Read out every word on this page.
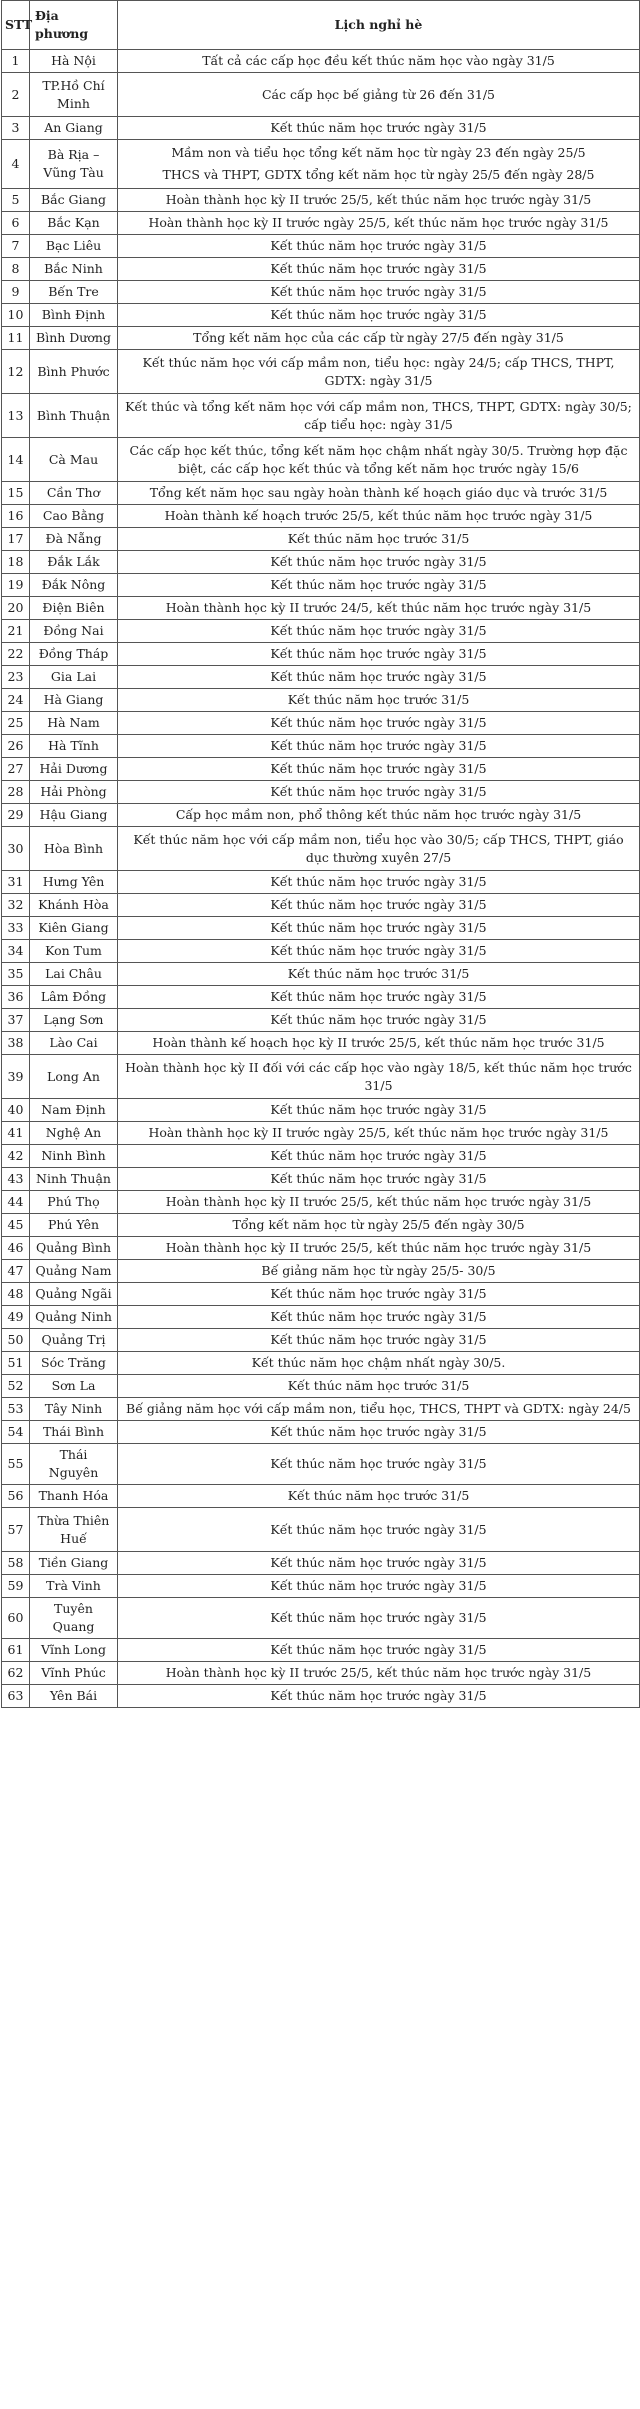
STT	Địa phương	Lịch nghỉ hè
1	Hà Nội	Tất cả các cấp học đều kết thúc năm học vào ngày 31/5
2	TP.Hồ Chí Minh	Các cấp học bế giảng từ 26 đến 31/5
3	An Giang	Kết thúc năm học trước ngày 31/5
4	Bà Rịa – Vũng Tàu	Mầm non và tiểu học tổng kết năm học từ ngày 23 đến ngày 25/5
THCS và THPT, GDTX tổng kết năm học từ ngày 25/5 đến ngày 28/5
5	Bắc Giang	Hoàn thành học kỳ II trước 25/5, kết thúc năm học trước ngày 31/5
6	Bắc Kạn	Hoàn thành học kỳ II trước ngày 25/5, kết thúc năm học trước ngày 31/5
7	Bạc Liêu	Kết thúc năm học trước ngày 31/5
8	Bắc Ninh	Kết thúc năm học trước ngày 31/5
9	Bến Tre	Kết thúc năm học trước ngày 31/5
10	Bình Định	Kết thúc năm học trước ngày 31/5
11	Bình Dương	Tổng kết năm học của các cấp từ ngày 27/5 đến ngày 31/5
12	Bình Phước	Kết thúc năm học với cấp mầm non, tiểu học: ngày 24/5; cấp THCS, THPT, GDTX: ngày 31/5
13	Bình Thuận	Kết thúc và tổng kết năm học với cấp mầm non, THCS, THPT, GDTX: ngày 30/5; cấp tiểu học: ngày 31/5
14	Cà Mau	Các cấp học kết thúc, tổng kết năm học chậm nhất ngày 30/5. Trường hợp đặc biệt, các cấp học kết thúc và tổng kết năm học trước ngày 15/6
15	Cần Thơ	Tổng kết năm học sau ngày hoàn thành kế hoạch giáo dục và trước 31/5
16	Cao Bằng	Hoàn thành kế hoạch trước 25/5, kết thúc năm học trước ngày 31/5
17	Đà Nẵng	Kết thúc năm học trước 31/5
18	Đắk Lắk	Kết thúc năm học trước ngày 31/5
19	Đắk Nông	Kết thúc năm học trước ngày 31/5
20	Điện Biên	Hoàn thành học kỳ II trước 24/5, kết thúc năm học trước ngày 31/5
21	Đồng Nai	Kết thúc năm học trước ngày 31/5
22	Đồng Tháp	Kết thúc năm học trước ngày 31/5
23	Gia Lai	Kết thúc năm học trước ngày 31/5
24	Hà Giang	Kết thúc năm học trước 31/5
25	Hà Nam	Kết thúc năm học trước ngày 31/5
26	Hà Tĩnh	Kết thúc năm học trước ngày 31/5
27	Hải Dương	Kết thúc năm học trước ngày 31/5
28	Hải Phòng	Kết thúc năm học trước ngày 31/5
29	Hậu Giang	Cấp học mầm non, phổ thông kết thúc năm học trước ngày 31/5
30	Hòa Bình	Kết thúc năm học với cấp mầm non, tiểu học vào 30/5; cấp THCS, THPT, giáo dục thường xuyên 27/5
31	Hưng Yên	Kết thúc năm học trước ngày 31/5
32	Khánh Hòa	Kết thúc năm học trước ngày 31/5
33	Kiên Giang	Kết thúc năm học trước ngày 31/5
34	Kon Tum	Kết thúc năm học trước ngày 31/5
35	Lai Châu	Kết thúc năm học trước 31/5
36	Lâm Đồng	Kết thúc năm học trước ngày 31/5
37	Lạng Sơn	Kết thúc năm học trước ngày 31/5
38	Lào Cai	Hoàn thành kế hoạch học kỳ II trước 25/5, kết thúc năm học trước 31/5
39	Long An	Hoàn thành học kỳ II đối với các cấp học vào ngày 18/5, kết thúc năm học trước 31/5
40	Nam Định	Kết thúc năm học trước ngày 31/5
41	Nghệ An	Hoàn thành học kỳ II trước ngày 25/5, kết thúc năm học trước ngày 31/5
42	Ninh Bình	Kết thúc năm học trước ngày 31/5
43	Ninh Thuận	Kết thúc năm học trước ngày 31/5
44	Phú Thọ	Hoàn thành học kỳ II trước 25/5, kết thúc năm học trước ngày 31/5
45	Phú Yên	Tổng kết năm học từ ngày 25/5 đến ngày 30/5
46	Quảng Bình	Hoàn thành học kỳ II trước 25/5, kết thúc năm học trước ngày 31/5
47	Quảng Nam	Bế giảng năm học từ ngày 25/5- 30/5
48	Quảng Ngãi	Kết thúc năm học trước ngày 31/5
49	Quảng Ninh	Kết thúc năm học trước ngày 31/5
50	Quảng Trị	Kết thúc năm học trước ngày 31/5
51	Sóc Trăng	Kết thúc năm học chậm nhất ngày 30/5.
52	Sơn La	Kết thúc năm học trước 31/5
53	Tây Ninh	Bế giảng năm học với cấp mầm non, tiểu học, THCS, THPT và GDTX: ngày 24/5
54	Thái Bình	Kết thúc năm học trước ngày 31/5
55	Thái Nguyên	Kết thúc năm học trước ngày 31/5
56	Thanh Hóa	Kết thúc năm học trước 31/5
57	Thừa Thiên Huế	Kết thúc năm học trước ngày 31/5
58	Tiền Giang	Kết thúc năm học trước ngày 31/5
59	Trà Vinh	Kết thúc năm học trước ngày 31/5
60	Tuyên Quang	Kết thúc năm học trước ngày 31/5
61	Vĩnh Long	Kết thúc năm học trước ngày 31/5
62	Vĩnh Phúc	Hoàn thành học kỳ II trước 25/5, kết thúc năm học trước ngày 31/5
63	Yên Bái	Kết thúc năm học trước ngày 31/5
